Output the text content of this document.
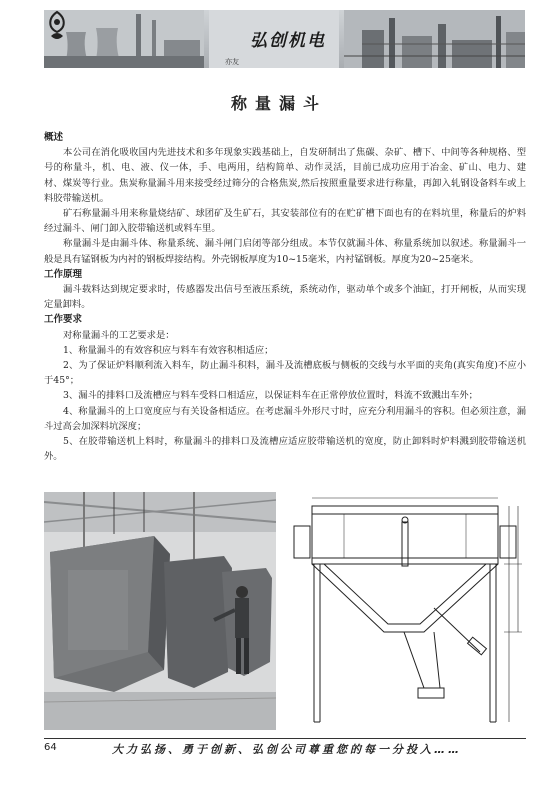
弘创机电
亦友
称量漏斗
概述

本公司在消化吸收国内先进技术和多年现象实践基础上，自发研制出了焦碳、杂矿、槽下、中间等各种规格、型号的称量斗，机、电、液、仪一体，手、电两用，结构简单、动作灵活，目前已成功应用于冶金、矿山、电力、建材、煤炭等行业。焦炭称量漏斗用来接受经过筛分的合格焦炭,然后按照重量要求进行称量，再卸入轧钢设备料车或上料胶带输送机。

矿石称量漏斗用来称量烧结矿、球团矿及生矿石，其安装部位有的在贮矿槽下面也有的在料坑里，称量后的炉料经过漏斗、闸门卸入胶带输送机或料车里。

称量漏斗是由漏斗体、称量系统、漏斗闸门启闭等部分组成。本节仅就漏斗体、称量系统加以叙述。称量漏斗一般是具有锰钢板为内衬的钢板焊接结构。外壳钢板厚度为10~15毫米，内衬锰钢板。厚度为20~25毫米。

工作原理

漏斗载料达到规定要求时，传感器发出信号至液压系统，系统动作，驱动单个或多个油缸，打开闸板，从而实现定量卸料。

工作要求

对称量漏斗的工艺要求是：

1、称量漏斗的有效容积应与料车有效容积相适应；

2、为了保证炉料顺利流入料车，防止漏斗积料，漏斗及流槽底板与侧板的交线与水平面的夹角(真实角度)不应小于45°；

3、漏斗的排料口及流槽应与料车受料口相适应，以保证料车在正常停放位置时，料流不致溅出车外；

4、称量漏斗的上口宽度应与有关设备相适应。在考虑漏斗外形尺寸时，应充分利用漏斗的容积。但必须注意，漏斗过高会加深料坑深度；

5、在胶带输送机上料时，称量漏斗的排料口及流槽应适应胶带输送机的宽度，防止卸料时炉料溅到胶带输送机外。

64	大力弘扬、勇于创新、弘创公司尊重您的每一分投入……
